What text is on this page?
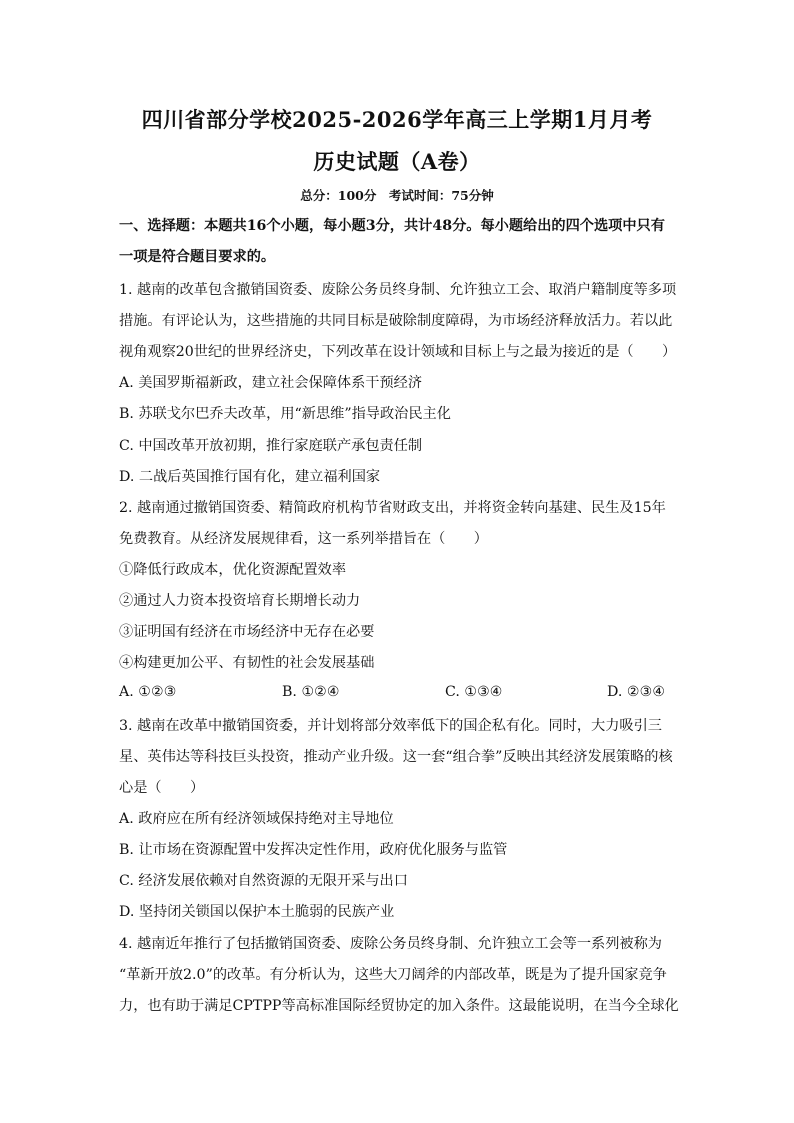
四川省部分学校2025-2026学年高三上学期1月月考
历史试题（A卷）
总分：100分　考试时间：75分钟
一、选择题：本题共16个小题，每小题3分，共计48分。每小题给出的四个选项中只有
一项是符合题目要求的。
1. 越南的改革包含撤销国资委、废除公务员终身制、允许独立工会、取消户籍制度等多项
措施。有评论认为，这些措施的共同目标是破除制度障碍，为市场经济释放活力。若以此
视角观察20世纪的世界经济史，下列改革在设计领域和目标上与之最为接近的是（　　）
A. 美国罗斯福新政，建立社会保障体系干预经济
B. 苏联戈尔巴乔夫改革，用“新思维”指导政治民主化
C. 中国改革开放初期，推行家庭联产承包责任制
D. 二战后英国推行国有化，建立福利国家
2. 越南通过撤销国资委、精简政府机构节省财政支出，并将资金转向基建、民生及15年
免费教育。从经济发展规律看，这一系列举措旨在（　　）
①降低行政成本，优化资源配置效率
②通过人力资本投资培育长期增长动力
③证明国有经济在市场经济中无存在必要
④构建更加公平、有韧性的社会发展基础
A. ①②③	B. ①②④	C. ①③④	D. ②③④
3. 越南在改革中撤销国资委，并计划将部分效率低下的国企私有化。同时，大力吸引三
星、英伟达等科技巨头投资，推动产业升级。这一套“组合拳”反映出其经济发展策略的核
心是（　　）
A. 政府应在所有经济领域保持绝对主导地位
B. 让市场在资源配置中发挥决定性作用，政府优化服务与监管
C. 经济发展依赖对自然资源的无限开采与出口
D. 坚持闭关锁国以保护本土脆弱的民族产业
4. 越南近年推行了包括撤销国资委、废除公务员终身制、允许独立工会等一系列被称为
“革新开放2.0”的改革。有分析认为，这些大刀阔斧的内部改革，既是为了提升国家竞争
力，也有助于满足CPTPP等高标准国际经贸协定的加入条件。这最能说明，在当今全球化
